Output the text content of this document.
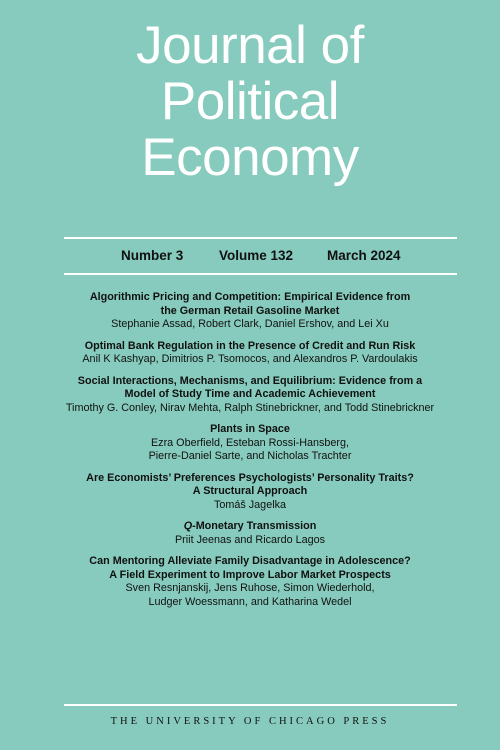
Journal of
Political
Economy
Number 3	Volume 132	March 2024

Algorithmic Pricing and Competition: Empirical Evidence from
the German Retail Gasoline Market

Stephanie Assad, Robert Clark, Daniel Ershov, and Lei Xu

Optimal Bank Regulation in the Presence of Credit and Run Risk

Anil K Kashyap, Dimitrios P. Tsomocos, and Alexandros P. Vardoulakis

Social Interactions, Mechanisms, and Equilibrium: Evidence from a
Model of Study Time and Academic Achievement

Timothy G. Conley, Nirav Mehta, Ralph Stinebrickner, and Todd Stinebrickner

Plants in Space

Ezra Oberfield, Esteban Rossi-Hansberg,
Pierre-Daniel Sarte, and Nicholas Trachter

Are Economists’ Preferences Psychologists’ Personality Traits?
A Structural Approach

Tomáš Jagelka

Q-Monetary Transmission

Priit Jeenas and Ricardo Lagos

Can Mentoring Alleviate Family Disadvantage in Adolescence?
A Field Experiment to Improve Labor Market Prospects

Sven Resnjanskij, Jens Ruhose, Simon Wiederhold,
Ludger Woessmann, and Katharina Wedel

THE UNIVERSITY OF CHICAGO PRESS
